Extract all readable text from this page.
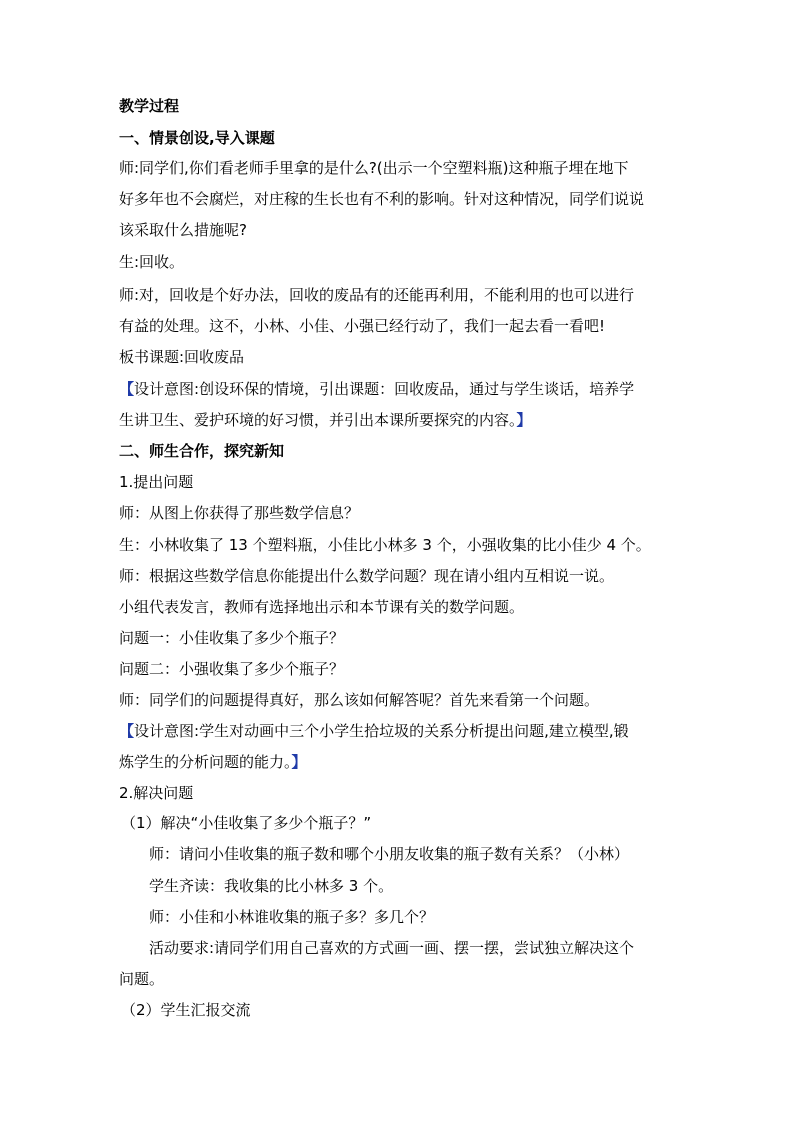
教学过程
一、情景创设,导入课题
师:同学们,你们看老师手里拿的是什么?(出示一个空塑料瓶)这种瓶子埋在地下
好多年也不会腐烂，对庄稼的生长也有不利的影响。针对这种情况，同学们说说
该采取什么措施呢?
生:回收。
师:对，回收是个好办法，回收的废品有的还能再利用，不能利用的也可以进行
有益的处理。这不，小林、小佳、小强已经行动了，我们一起去看一看吧!
板书课题:回收废品
【设计意图:创设环保的情境，引出课题：回收废品，通过与学生谈话，培养学
生讲卫生、爱护环境的好习惯，并引出本课所要探究的内容。】
二、师生合作，探究新知
1.提出问题
师：从图上你获得了那些数学信息？
生：小林收集了 13 个塑料瓶，小佳比小林多 3 个，小强收集的比小佳少 4 个。
师：根据这些数学信息你能提出什么数学问题？现在请小组内互相说一说。
小组代表发言，教师有选择地出示和本节课有关的数学问题。
问题一：小佳收集了多少个瓶子？
问题二：小强收集了多少个瓶子？
师：同学们的问题提得真好，那么该如何解答呢？首先来看第一个问题。
【设计意图:学生对动画中三个小学生拾垃圾的关系分析提出问题,建立模型,锻
炼学生的分析问题的能力。】
2.解决问题
（1）解决“小佳收集了多少个瓶子？”
师：请问小佳收集的瓶子数和哪个小朋友收集的瓶子数有关系？（小林）
学生齐读：我收集的比小林多 3 个。
师：小佳和小林谁收集的瓶子多？多几个？
活动要求:请同学们用自己喜欢的方式画一画、摆一摆，尝试独立解决这个
问题。
（2）学生汇报交流
